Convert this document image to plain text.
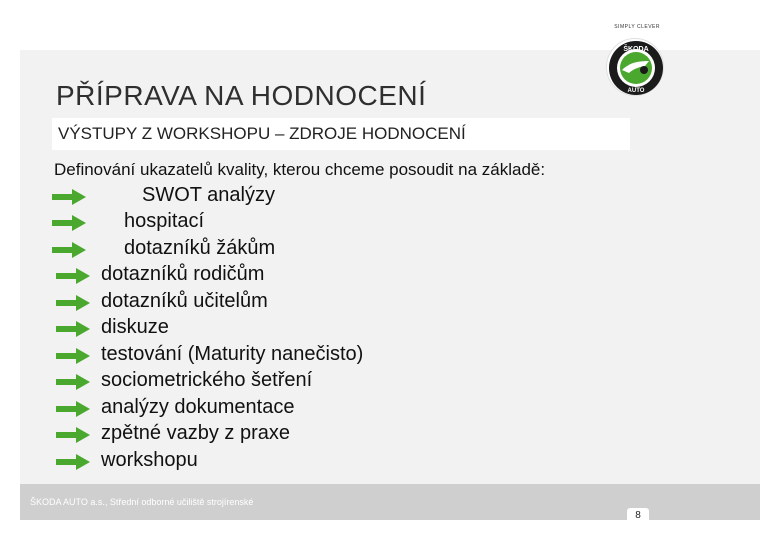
SIMPLY CLEVER
ŠKODA
AUTO
PŘÍPRAVA NA HODNOCENÍ
VÝSTUPY Z WORKSHOPU – ZDROJE HODNOCENÍ
Definování ukazatelů kvality, kterou chceme posoudit na základě:
SWOT analýzy
hospitací
dotazníků žákům
dotazníků rodičům
dotazníků učitelům
diskuze
testování (Maturity nanečisto)
sociometrického šetření
analýzy dokumentace
zpětné vazby z praxe
workshopu
ŠKODA AUTO a.s., Střední odborné učiliště strojírenské
8
